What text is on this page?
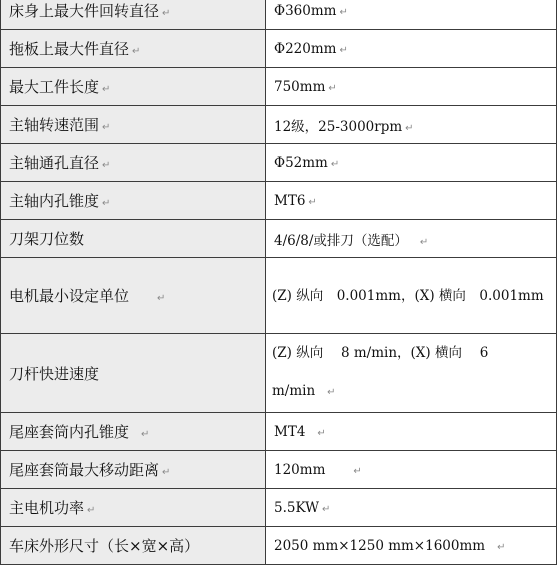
床身上最大件回转直径 ↵	Φ360mm ↵
拖板上最大件直径 ↵	Φ220mm ↵
最大工件长度 ↵	750mm ↵
主轴转速范围 ↵	12级，25-3000rpm ↵
主轴通孔直径 ↵	Φ52mm ↵
主轴内孔锥度 ↵	MT6 ↵
刀架刀位数	4/6/8/或排刀（选配） ↵
电机最小设定单位 ↵	(Z) 纵向　0.001mm，(X) 横向　0.001mm
刀杆快进速度	(Z) 纵向　 8 m/min，(X) 横向　 6 m/min ↵
尾座套筒内孔锥度 ↵	MT4 ↵
尾座套筒最大移动距离 ↵	120mm ↵
主电机功率 ↵	5.5KW ↵
车床外形尺寸（长×宽×高）	2050 mm×1250 mm×1600mm ↵
